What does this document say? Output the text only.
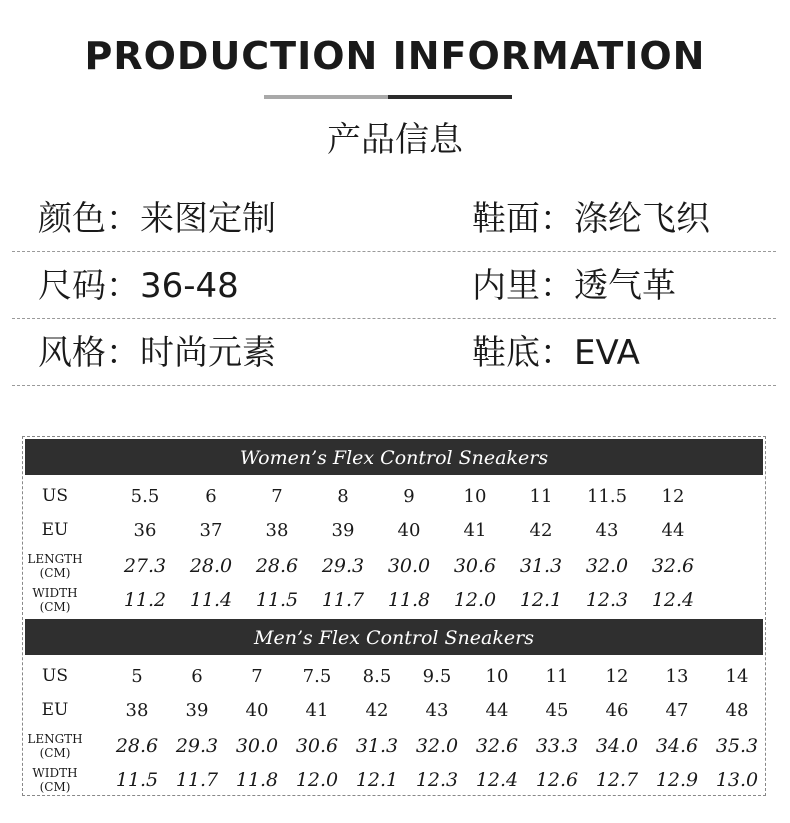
PRODUCTION INFORMATION
产品信息
颜色：来图定制	鞋面：涤纶飞织
尺码：36-48	内里：透气革
风格：时尚元素	鞋底：EVA
Women’s Flex Control Sneakers
Men’s Flex Control Sneakers
US	5.5	6	7	8	9	10	11	11.5	12
EU	36	37	38	39	40	41	42	43	44
LENGTH
(CM)	27.3	28.0	28.6	29.3	30.0	30.6	31.3	32.0	32.6
WIDTH
(CM)	11.2	11.4	11.5	11.7	11.8	12.0	12.1	12.3	12.4
US	5	6	7	7.5	8.5	9.5	10	11	12	13	14
EU	38	39	40	41	42	43	44	45	46	47	48
LENGTH
(CM)	28.6 29.3 30.0 30.6 31.3 32.0 32.6 33.3 34.0 34.6 35.3
WIDTH
(CM)	11.5 11.7 11.8 12.0 12.1 12.3 12.4 12.6 12.7 12.9 13.0
